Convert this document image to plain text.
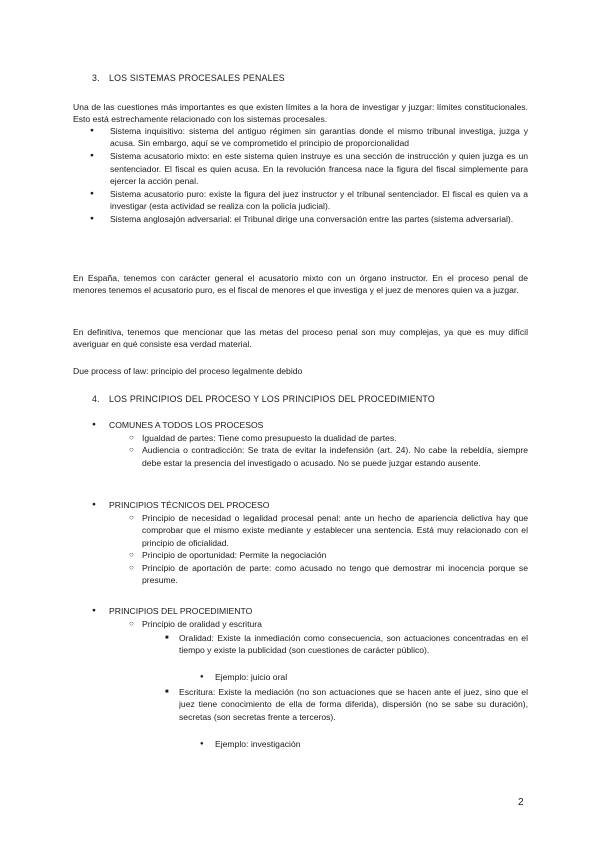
3. LOS SISTEMAS PROCESALES PENALES

Una de las cuestiones más importantes es que existen límites a la hora de investigar y juzgar: límites constitucionales. Esto está estrechamente relacionado con los sistemas procesales.

● Sistema inquisitivo: sistema del antiguo régimen sin garantías donde el mismo tribunal investiga, juzga y acusa. Sin embargo, aquí se ve comprometido el principio de proporcionalidad
● Sistema acusatorio mixto: en este sistema quien instruye es una sección de instrucción y quien juzga es un sentenciador. El fiscal es quien acusa. En la revolución francesa nace la figura del fiscal simplemente para ejercer la acción penal.
● Sistema acusatorio puro: existe la figura del juez instructor y el tribunal sentenciador. El fiscal es quien va a investigar (esta actividad se realiza con la policía judicial).
● Sistema anglosajón adversarial: el Tribunal dirige una conversación entre las partes (sistema adversarial).

En España, tenemos con carácter general el acusatorio mixto con un órgano instructor. En el proceso penal de menores tenemos el acusatorio puro, es el fiscal de menores el que investiga y el juez de menores quien va a juzgar.

En definitiva, tenemos que mencionar que las metas del proceso penal son muy complejas, ya que es muy difícil averiguar en qué consiste esa verdad material.

Due process of law: principio del proceso legalmente debido

4. LOS PRINCIPIOS DEL PROCESO Y LOS PRINCIPIOS DEL PROCEDIMIENTO
● COMUNES A TODOS LOS PROCESOS
○ Igualdad de partes: Tiene como presupuesto la dualidad de partes.
○ Audiencia o contradicción: Se trata de evitar la indefensión (art. 24). No cabe la rebeldía, siempre debe estar la presencia del investigado o acusado. No se puede juzgar estando ausente.
● PRINCIPIOS TÉCNICOS DEL PROCESO
○ Principio de necesidad o legalidad procesal penal: ante un hecho de apariencia delictiva hay que comprobar que el mismo existe mediante y establecer una sentencia. Está muy relacionado con el principio de oficialidad.
○ Principio de oportunidad: Permite la negociación
○ Principio de aportación de parte: como acusado no tengo que demostrar mi inocencia porque se presume.
● PRINCIPIOS DEL PROCEDIMIENTO
○ Principio de oralidad y escritura
■ Oralidad: Existe la inmediación como consecuencia, son actuaciones concentradas en el tiempo y existe la publicidad (son cuestiones de carácter público).
● Ejemplo: juicio oral
■ Escritura: Existe la mediación (no son actuaciones que se hacen ante el juez, sino que el juez tiene conocimiento de ella de forma diferida), dispersión (no se sabe su duración), secretas (son secretas frente a terceros).
● Ejemplo: investigación
2
